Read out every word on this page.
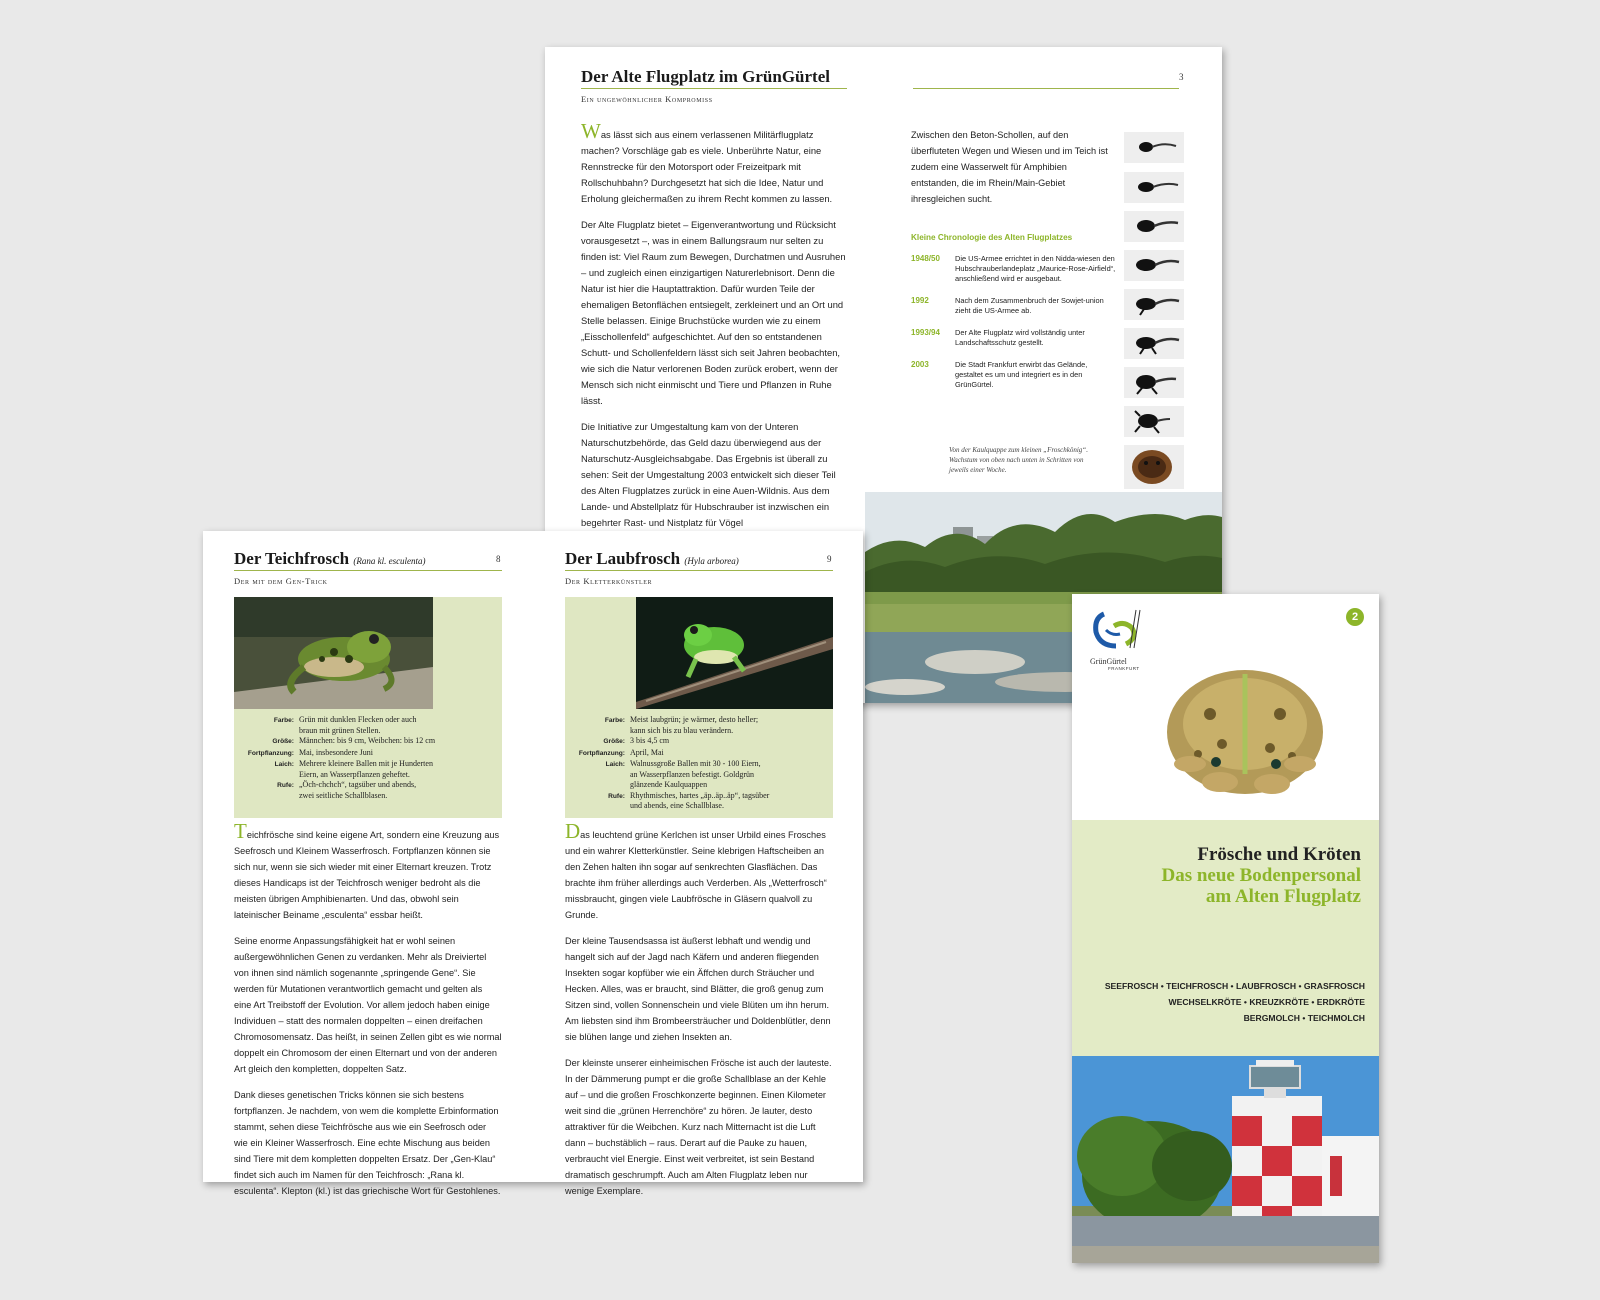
Der Alte Flugplatz im GrünGürtel	3
Ein ungewöhnlicher Kompromiss

Was lässt sich aus einem verlassenen Militärflugplatz machen? Vorschläge gab es viele. Unberührte Natur, eine Rennstrecke für den Motorsport oder Freizeitpark mit Rollschuhbahn? Durchgesetzt hat sich die Idee, Natur und Erholung gleichermaßen zu ihrem Recht kommen zu lassen.

Der Alte Flugplatz bietet – Eigenverantwortung und Rücksicht vorausgesetzt –, was in einem Ballungsraum nur selten zu finden ist: Viel Raum zum Bewegen, Durchatmen und Ausruhen – und zugleich einen einzigartigen Naturerlebnisort. Denn die Natur ist hier die Hauptattraktion. Dafür wurden Teile der ehemaligen Betonflächen entsiegelt, zerkleinert und an Ort und Stelle belassen. Einige Bruchstücke wurden wie zu einem „Eisschollenfeld“ aufgeschichtet. Auf den so entstandenen Schutt- und Schollenfeldern lässt sich seit Jahren beobachten, wie sich die Natur verlorenen Boden zurück erobert, wenn der Mensch sich nicht einmischt und Tiere und Pflanzen in Ruhe lässt.

Die Initiative zur Umgestaltung kam von der Unteren Naturschutzbehörde, das Geld dazu überwiegend aus der Naturschutz-Ausgleichsabgabe. Das Ergebnis ist überall zu sehen: Seit der Umgestaltung 2003 entwickelt sich dieser Teil des Alten Flugplatzes zurück in eine Auen-Wildnis. Aus dem Lande- und Abstellplatz für Hubschrauber ist inzwischen ein begehrter Rast- und Nistplatz für Vögel

Zwischen den Beton-Schollen, auf den überfluteten Wegen und Wiesen und im Teich ist zudem eine Wasserwelt für Amphibien entstanden, die im Rhein/Main-Gebiet ihresgleichen sucht.
Kleine Chronologie des Alten Flugplatzes
1948/50	Die US-Armee errichtet in den Nidda-wiesen den Hubschrauberlandeplatz „Maurice-Rose-Airfield“, anschließend wird er ausgebaut.
1992	Nach dem Zusammenbruch der Sowjet-union zieht die US-Armee ab.
1993/94	Der Alte Flugplatz wird vollständig unter Landschaftsschutz gestellt.
2003	Die Stadt Frankfurt erwirbt das Gelände, gestaltet es um und integriert es in den GrünGürtel.
Von der Kaulquappe zum kleinen „Froschkönig“. Wachstum von oben nach unten in Schritten von jeweils einer Woche.
Der Teichfrosch (Rana kl. esculenta)	8
Der mit dem Gen-Trick
Farbe: Grün mit dunklen Flecken oder auch
braun mit grünen Stellen.
Größe: Männchen: bis 9 cm, Weibchen: bis 12 cm
Fortpflanzung: Mai, insbesondere Juni
Laich: Mehrere kleinere Ballen mit je Hunderten
Eiern, an Wasserpflanzen geheftet.
Rufe: „Öch-chchch“, tagsüber und abends,
zwei seitliche Schallblasen.

Teichfrösche sind keine eigene Art, sondern eine Kreuzung aus Seefrosch und Kleinem Wasserfrosch. Fortpflanzen können sie sich nur, wenn sie sich wieder mit einer Elternart kreuzen. Trotz dieses Handicaps ist der Teichfrosch weniger bedroht als die meisten übrigen Amphibienarten. Und das, obwohl sein lateinischer Beiname „esculenta“ essbar heißt.

Seine enorme Anpassungsfähigkeit hat er wohl seinen außergewöhnlichen Genen zu verdanken. Mehr als Dreiviertel von ihnen sind nämlich sogenannte „springende Gene“. Sie werden für Mutationen verantwortlich gemacht und gelten als eine Art Treibstoff der Evolution. Vor allem jedoch haben einige Individuen – statt des normalen doppelten – einen dreifachen Chromosomensatz. Das heißt, in seinen Zellen gibt es wie normal doppelt ein Chromosom der einen Elternart und von der anderen Art gleich den kompletten, doppelten Satz.

Dank dieses genetischen Tricks können sie sich bestens fortpflanzen. Je nachdem, von wem die komplette Erbinformation stammt, sehen diese Teichfrösche aus wie ein Seefrosch oder wie ein Kleiner Wasserfrosch. Eine echte Mischung aus beiden sind Tiere mit dem kompletten doppelten Ersatz. Der „Gen-Klau“ findet sich auch im Namen für den Teichfrosch: „Rana kl. esculenta“. Klepton (kl.) ist das griechische Wort für Gestohlenes.

Der Laubfrosch (Hyla arborea)	9
Der Kletterkünstler
Farbe: Meist laubgrün; je wärmer, desto heller;
kann sich bis zu blau verändern.
Größe: 3 bis 4,5 cm
Fortpflanzung: April, Mai
Laich: Walnussgroße Ballen mit 30 - 100 Eiern,
an Wasserpflanzen befestigt. Goldgrün
glänzende Kaulquappen
Rufe: Rhythmisches, hartes „äp..äp..äp“, tagsüber
und abends, eine Schallblase.

Das leuchtend grüne Kerlchen ist unser Urbild eines Frosches und ein wahrer Kletterkünstler. Seine klebrigen Haftscheiben an den Zehen halten ihn sogar auf senkrechten Glasflächen. Das brachte ihm früher allerdings auch Verderben. Als „Wetterfrosch“ missbraucht, gingen viele Laubfrösche in Gläsern qualvoll zu Grunde.

Der kleine Tausendsassa ist äußerst lebhaft und wendig und hangelt sich auf der Jagd nach Käfern und anderen fliegenden Insekten sogar kopfüber wie ein Äffchen durch Sträucher und Hecken. Alles, was er braucht, sind Blätter, die groß genug zum Sitzen sind, vollen Sonnenschein und viele Blüten um ihn herum. Am liebsten sind ihm Brombeersträucher und Doldenblütler, denn sie blühen lange und ziehen Insekten an.

Der kleinste unserer einheimischen Frösche ist auch der lauteste. In der Dämmerung pumpt er die große Schallblase an der Kehle auf – und die großen Froschkonzerte beginnen. Einen Kilometer weit sind die „grünen Herrenchöre“ zu hören. Je lauter, desto attraktiver für die Weibchen. Kurz nach Mitternacht ist die Luft dann – buchstäblich – raus. Derart auf die Pauke zu hauen, verbraucht viel Energie. Einst weit verbreitet, ist sein Bestand dramatisch geschrumpft. Auch am Alten Flugplatz leben nur wenige Exemplare.

GrünGürtel
FRANKFURT
2
Frösche und Kröten
Das neue Bodenpersonal
am Alten Flugplatz
SEEFROSCH • TEICHFROSCH • LAUBFROSCH • GRASFROSCH
WECHSELKRÖTE • KREUZKRÖTE • ERDKRÖTE
BERGMOLCH • TEICHMOLCH
